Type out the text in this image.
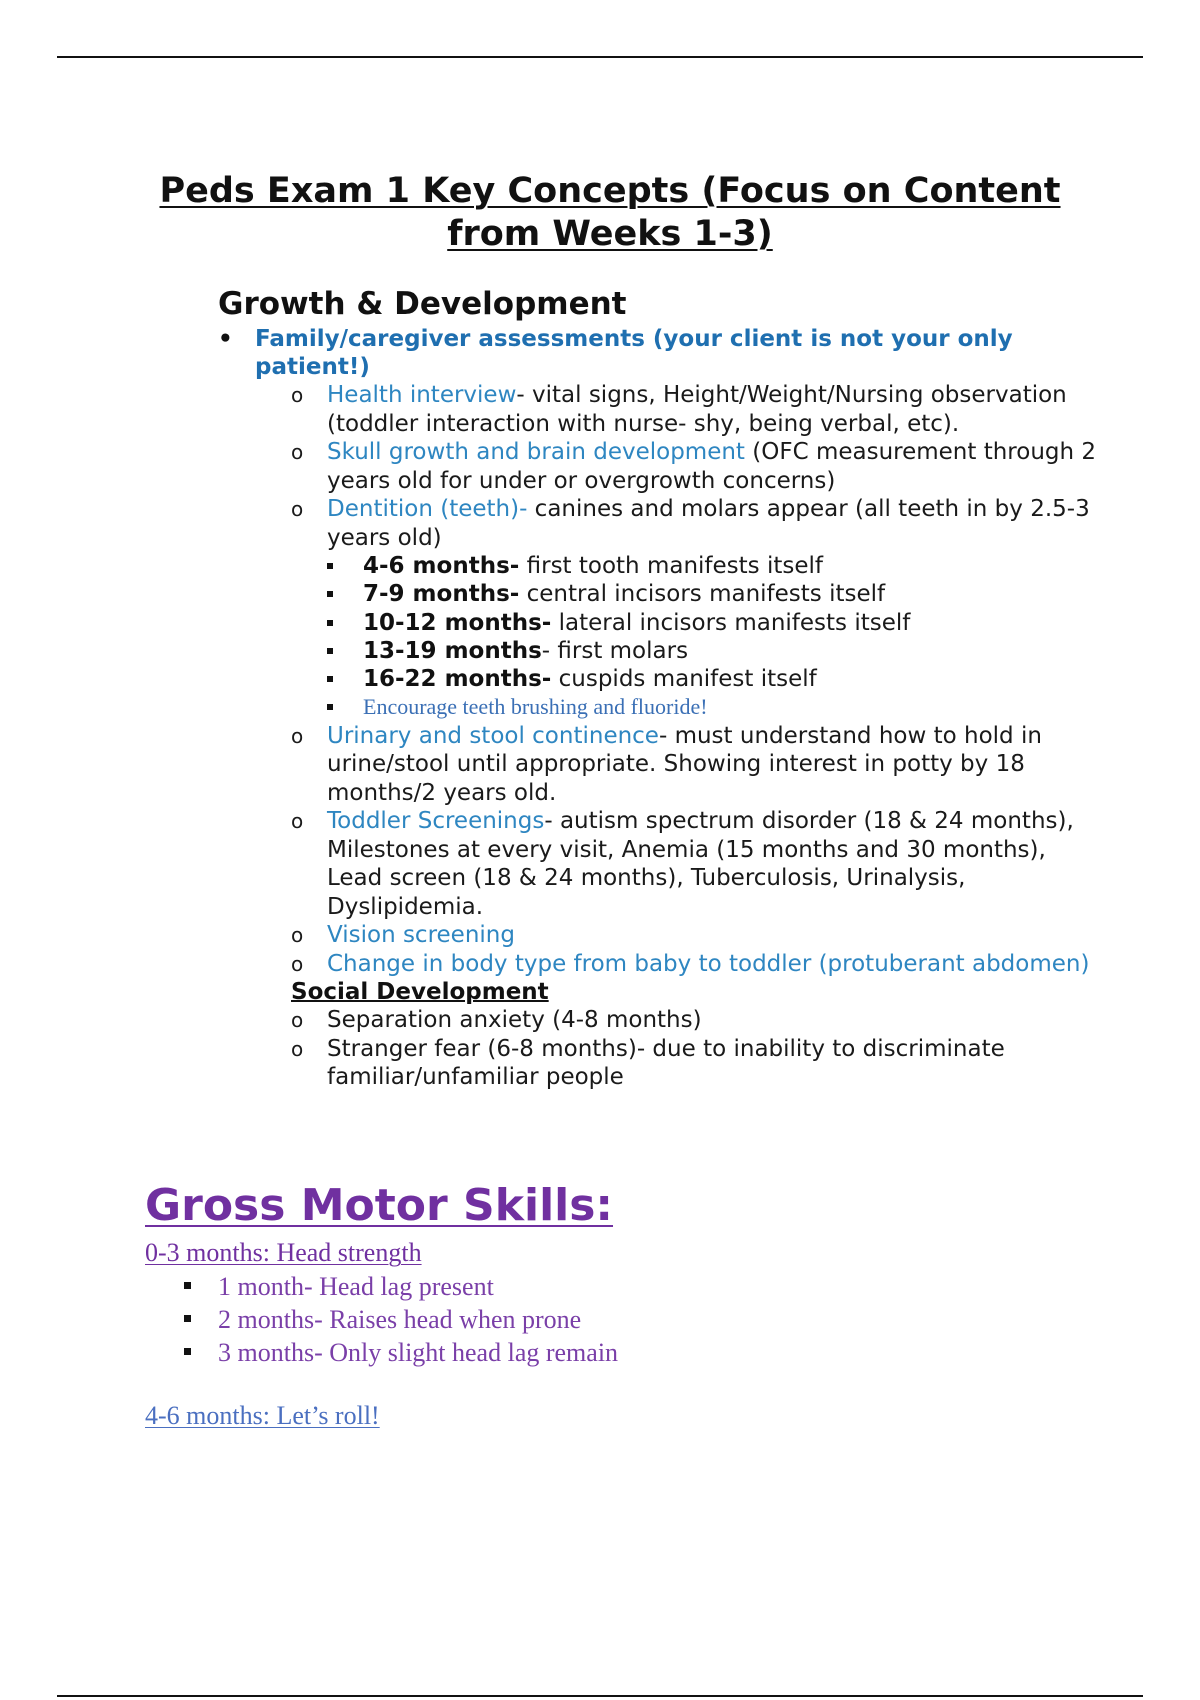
Peds Exam 1 Key Concepts (Focus on Content from Weeks 1-3)
Growth & Development
• Family/caregiver assessments (your client is not your only patient!)
o Health interview- vital signs, Height/Weight/Nursing observation (toddler interaction with nurse- shy, being verbal, etc).
o Skull growth and brain development (OFC measurement through 2 years old for under or overgrowth concerns)
o Dentition (teeth)- canines and molars appear (all teeth in by 2.5-3 years old)
4-6 months- first tooth manifests itself
7-9 months- central incisors manifests itself
10-12 months- lateral incisors manifests itself
13-19 months- first molars
16-22 months- cuspids manifest itself
Encourage teeth brushing and fluoride!
o Urinary and stool continence- must understand how to hold in urine/stool until appropriate. Showing interest in potty by 18 months/2 years old.
o Toddler Screenings- autism spectrum disorder (18 & 24 months), Milestones at every visit, Anemia (15 months and 30 months), Lead screen (18 & 24 months), Tuberculosis, Urinalysis, Dyslipidemia.
o Vision screening
o Change in body type from baby to toddler (protuberant abdomen)
Social Development
o Separation anxiety (4-8 months)
o Stranger fear (6-8 months)- due to inability to discriminate familiar/unfamiliar people
Gross Motor Skills:
0-3 months: Head strength
1 month- Head lag present
2 months- Raises head when prone
3 months- Only slight head lag remain
4-6 months: Let’s roll!
